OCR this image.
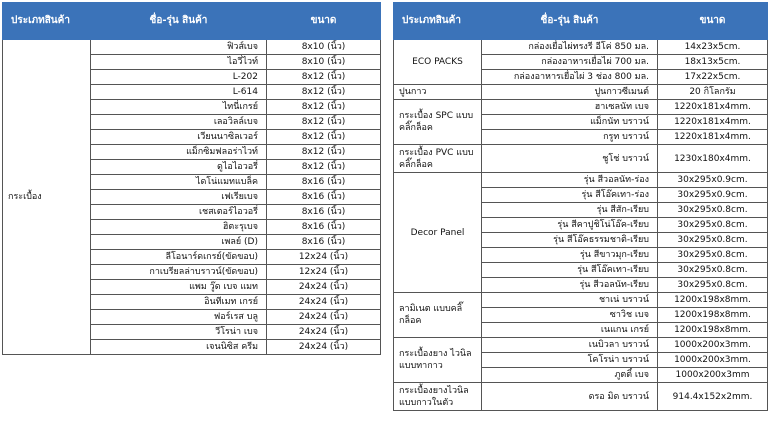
ประเภทสินค้า	ชื่อ-รุ่น สินค้า	ขนาด
กระเบื้อง	ฟิวส์เบจ	8x10 (นิ้ว)
	ไอวี่ไวท์	8x10 (นิ้ว)
	L-202	8x12 (นิ้ว)
	L-614	8x12 (นิ้ว)
	ไทนี่เกรย์	8x12 (นิ้ว)
	เลอวิลล์เบจ	8x12 (นิ้ว)
	เวียนนาซิลเวอร์	8x12 (นิ้ว)
	แม็กซิมฟลอร่าไวท์	8x12 (นิ้ว)
	ดูไอไอวอรี่	8x12 (นิ้ว)
	ไดโน่แมทแบล็ค	8x16 (นิ้ว)
	เฟเรียเบจ	8x16 (นิ้ว)
	เชสเตอร์ไอวอรี่	8x16 (นิ้ว)
	ฮิตะรุเบจ	8x16 (นิ้ว)
	เพลย์ (D)	8x16 (นิ้ว)
	ลีโอนาร์ดเกรย์(ขัดขอบ)	12x24 (นิ้ว)
	กาเบรียลล่าบราวน์(ขัดขอบ)	12x24 (นิ้ว)
	แพม วู๊ด เบจ แมท	24x24 (นิ้ว)
	อินทีเมท เกรย์	24x24 (นิ้ว)
	ฟอร์เรส บลู	24x24 (นิ้ว)
	วีโรน่า เบจ	24x24 (นิ้ว)
	เจนนิซิส ครีม	24x24 (นิ้ว)
ประเภทสินค้า	ชื่อ-รุ่น สินค้า	ขนาด
ECO PACKS	กล่องเยื่อไผ่ทรงรี อีโค่ 850 มล.	14x23x5cm.
	กล่องอาหารเยื่อไผ่ 700 มล.	18x13x5cm.
	กล่องอาหารเยื่อไผ่ 3 ช่อง 800 มล.	17x22x5cm.
ปูนกาว	ปูนกาวซีเมนต์	20 กิโลกรัม
กระเบื้อง SPC แบบคลิ๊กล็อค	ฮาเซลนัท เบจ	1220x181x4mm.
	แม็กนัท บราวน์	1220x181x4mm.
	กรูท บราวน์	1220x181x4mm.
กระเบื้อง PVC แบบคลิ๊กล็อค	ชูโช่ บราวน์	1230x180x4mm.
Decor Panel	รุ่น สีวอลนัท-ร่อง	30x295x0.9cm.
	รุ่น สีโอ๊คเทา-ร่อง	30x295x0.9cm.
	รุ่น สีสัก-เรียบ	30x295x0.8cm.
	รุ่น สีคาปูชิโน่โอ๊ค-เรียบ	30x295x0.8cm.
	รุ่น สีโอ๊คธรรมชาติ-เรียบ	30x295x0.8cm.
	รุ่น สีขาวมุก-เรียบ	30x295x0.8cm.
	รุ่น สีโอ๊คเทา-เรียบ	30x295x0.8cm.
	รุ่น สีวอลนัท-เรียบ	30x295x0.8cm.
ลามิเนต แบบคลิ๊กล็อค	ชาเน่ บราวน์	1200x198x8mm.
	ซาวิช เบจ	1200x198x8mm.
	เนแกน เกรย์	1200x198x8mm.
กระเบื้องยาง ไวนิล แบบทากาว	เนบิวลา บราวน์	1000x200x3mm.
	โคโรน่า บราวน์	1000x200x3mm.
	ภูตติ์ เบจ	1000x200x3mm
กระเบื้องยางไวนิล แบบกาวในตัว	ดรอ มิด บราวน์	914.4x152x2mm.
